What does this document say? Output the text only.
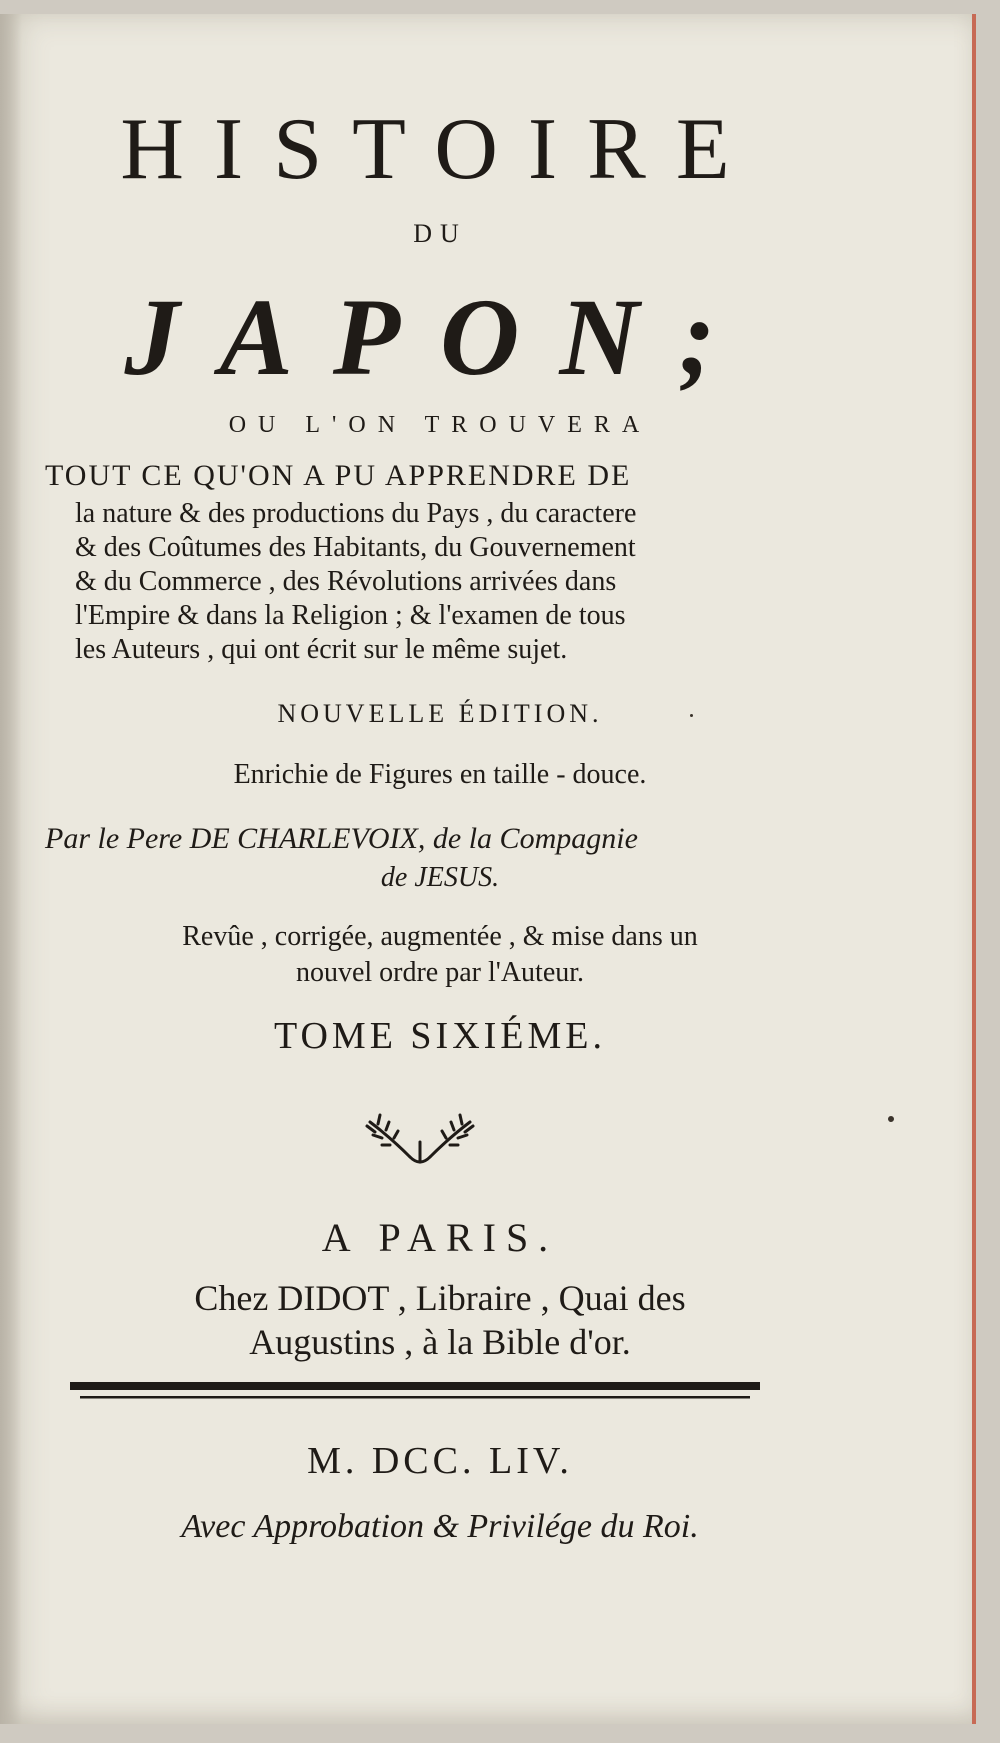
HISTOIRE
DU
JAPON;
OU L'ON TROUVERA
TOUT CE QU'ON A PU APPRENDRE DE
la nature & des productions du Pays , du caractere
& des Coûtumes des Habitants, du Gouvernement
& du Commerce , des Révolutions arrivées dans
l'Empire & dans la Religion ; & l'examen de tous
les Auteurs , qui ont écrit sur le même sujet.
NOUVELLE ÉDITION.
Enrichie de Figures en taille - douce.
Par le Pere DE CHARLEVOIX, de la Compagnie
de JESUS.
Revûe , corrigée, augmentée , & mise dans un
nouvel ordre par l'Auteur.
TOME SIXIÉME.
A PARIS.
Chez DIDOT , Libraire , Quai des
Augustins , à la Bible d'or.
M. DCC. LIV.
Avec Approbation & Privilége du Roi.
